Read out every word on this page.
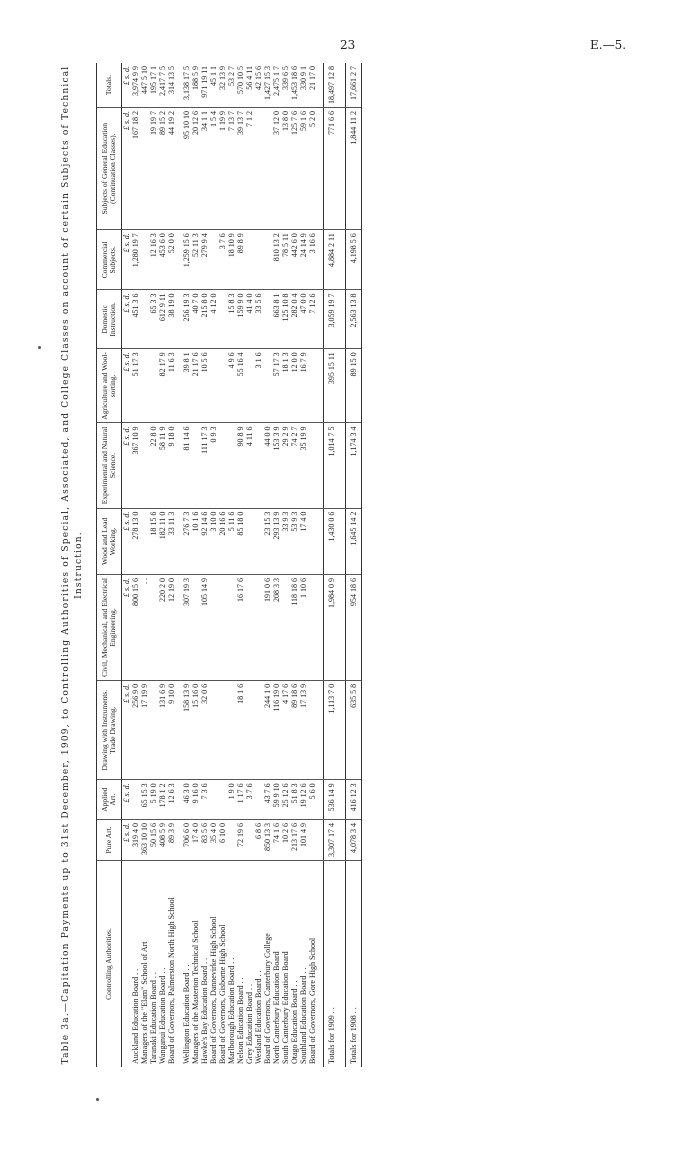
23	E.—5.
Table 3a.—Capitation Payments up to 31st December, 1909, to Controlling Authorities of Special, Associated, and College Classes on account of certain Subjects of Technical Instruction.
Controlling Authorities.	Pure Art.	Applied Art.	Drawing with Instruments. Trade Drawing.	Civil, Mechanical, and Electrical Engineering.	Wood and Lead Working.	Experimental and Natural Science.	Agriculture and Wool-sorting.	Domestic Instruction.	Commercial Subjects.	Subjects of General Education (Continuation Classes).	Totals.
	£ s. d.	£ s. d.	£ s. d.	£ s. d.	£ s. d.	£ s. d.	£ s. d.	£ s. d.	£ s. d.	£ s. d.	£ s. d.
Auckland Education Board . .	319 4 0		256 9 0	800 15 6	278 13 0	367 10 9	51 17 3	451 3 6	1,280 19 7	167 18 2	3,974 9 9
Managers of the "Elam" School of Art	363 10 10	65 15 3	17 19 9	. .							447 5 10
Taranaki Education Board . .	50 15 6	5 19 0			18 15 6	22 8 0		65 3 3	12 16 3	19 19 7	195 17 1
Wanganui Education Board . .	408 5 9	178 1 2	131 6 9	220 2 0	182 11 0	58 11 9	82 17 9	612 9 11	453 6 0	89 15 2	2,417 7 5
Board of Governors, Palmerston North High School	89 3 9	12 6 3	9 10 0	12 19 0	33 11 3	9 18 0	11 6 3	38 19 0	52 0 0	44 19 2	314 13 5

Wellington Education Board . .	706 6 0	46 3 0	158 13 9	307 19 3	276 7 3	81 14 6	39 8 1	256 19 3	1,259 15 6	95 10 10	3,138 17 5
Managers of the Masterton Technical School	17 4 0	9 16 0	15 16 0		10 1 6		21 17 6	40 7 0	52 11 3	20 12 6	188 5 9
Hawke's Bay Education Board . .	83 5 6	7 3 6	32 0 6	105 14 9	92 14 6	111 17 3	10 5 6	215 8 0	279 9 4	34 1 1	971 19 11
Board of Governors, Dannevirke High School	35 4 0				3 10 0	0 9 3		4 12 0		1 5 4	45 1 1
Board of Governors, Gisborne High School	6 10 0				20 16 6				3 7 6	1 19 9	32 13 9
Marlborough Education Board . .		1 9 0			5 11 6		4 9 6	15 8 3	18 10 9	7 13 7	53 2 7
Nelson Education Board . .	72 19 6	1 17 6	18 1 6	16 17 6	85 18 0	90 8 9	55 16 4	159 9 0	89 8 9	39 13 7	570 10 5
Grey Education Board . .		3 7 6				4 11 6		41 4 0		7 1 2	56 4 11
Westland Education Board . .	6 8 6						3 1 6	33 5 6			42 15 6
Board of Governors, Canterbury College	850 13 3	43 7 6	244 1 0	191 0 6	23 15 3	44 0 0					1,427 15 3
North Canterbury Education Board	74 1 6	59 9 10	116 19 0	208 3 3	293 13 9	153 3 9	57 17 3	663 8 1	810 13 2	37 12 0	2,475 1 7
South Canterbury Education Board	10 2 6	25 12 6	4 17 6		33 9 3	29 2 9	18 1 3	125 10 8	78 5 11	13 8 0	339 6 5
Otago Education Board . .	213 17 6	51 8 3	89 18 6	118 18 6	53 9 3	74 2 7	12 0 0	282 0 4	442 6 0	125 7 6	1,453 18 6
Southland Education Board . .	101 4 9	19 12 6	17 13 9	1 10 6	17 4 0	35 19 9	16 7 9	47 0 0	24 14 9	59 1 6	330 9 1
Board of Governors, Gore High School		5 6 0						7 12 6	3 16 6	5 2 0	21 17 0

Totals for 1909 . .	3,307 17 4	536 14 9	1,113 7 0	1,984 0 9	1,430 0 6	1,014 7 5	395 15 11	3,059 19 7	4,884 2 11	771 6 6	18,497 12 8

Totals for 1908 . .	4,078 3 4	416 12 3	635 5 8	954 18 6	1,645 14 2	1,174 3 4	89 15 0	2,563 13 8	4,198 5 6	1,844 11 2	17,661 2 7
